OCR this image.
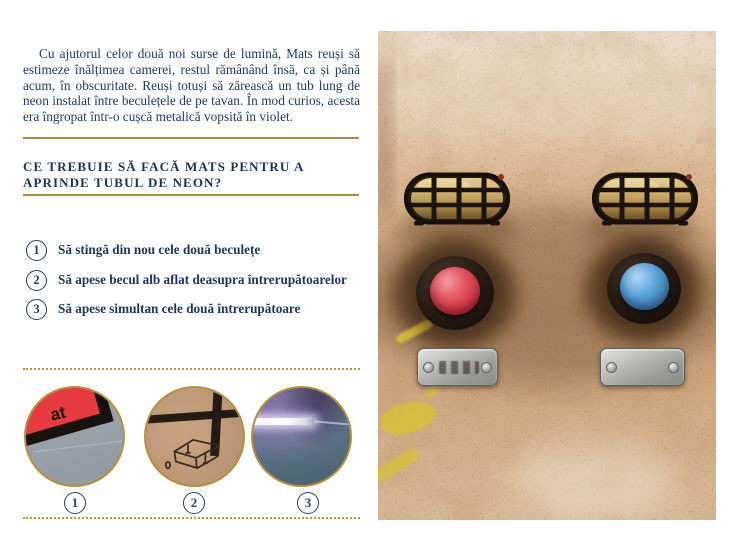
Cu ajutorul celor două noi surse de lumină, Mats reuși să estimeze înălțimea camerei, restul rămânând însă, ca și până acum, în obscuritate. Reuși totuși să zărească un tub lung de neon instalat între beculețele de pe tavan. În mod curios, acesta era îngropat într-o cușcă metalică vopsită în violet.

CE TREBUIE SĂ FACĂ MATS PENTRU A APRINDE TUBUL DE NEON?
1	Să stingă din nou cele două beculețe
2	Să apese becul alb aflat deasupra întrerupătoarelor
3	Să apese simultan cele două întrerupătoare
at
1	2	3
